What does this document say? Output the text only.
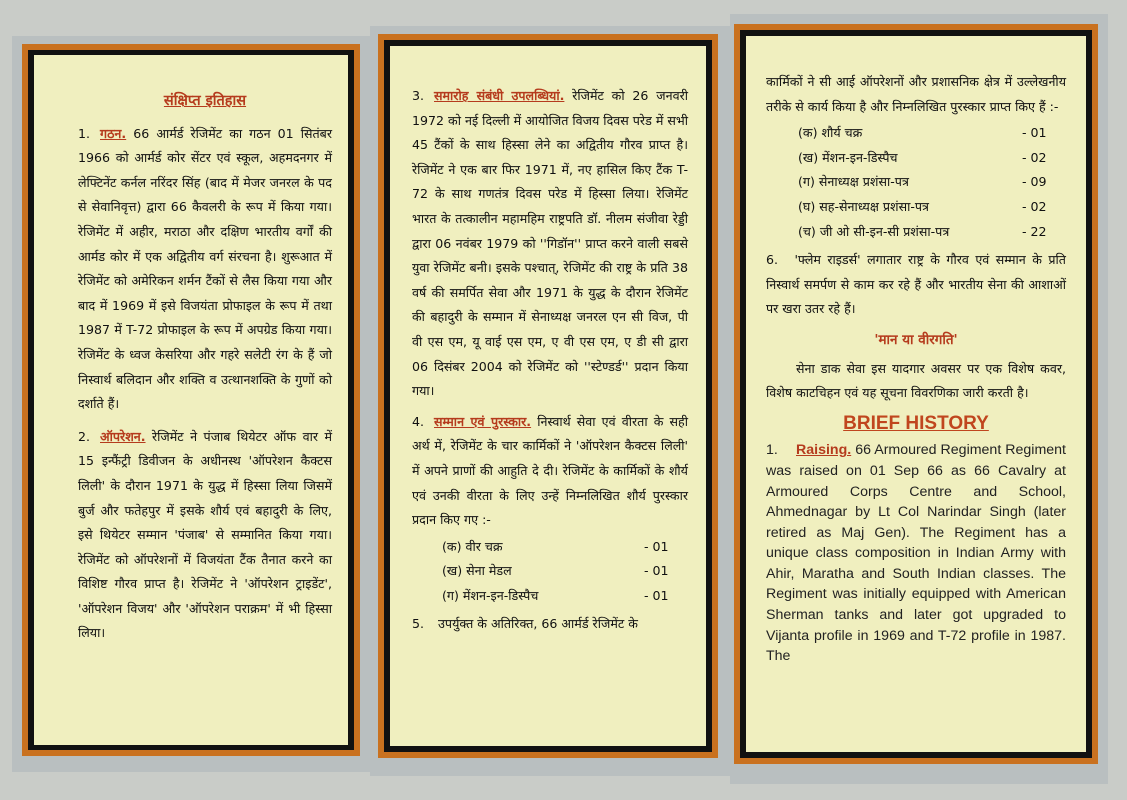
संक्षिप्त इतिहास

1. गठन. 66 आर्मर्ड रेजिमेंट का गठन 01 सितंबर 1966 को आर्मर्ड कोर सेंटर एवं स्कूल, अहमदनगर में लेफ्टिनेंट कर्नल नरिंदर सिंह (बाद में मेजर जनरल के पद से सेवानिवृत्त) द्वारा 66 कैवलरी के रूप में किया गया। रेजिमेंट में अहीर, मराठा और दक्षिण भारतीय वर्गों की आर्मड कोर में एक अद्वितीय वर्ग संरचना है। शुरूआत में रेजिमेंट को अमेरिकन शर्मन टैंकों से लैस किया गया और बाद में 1969 में इसे विजयंता प्रोफाइल के रूप में तथा 1987 में T-72 प्रोफाइल के रूप में अपग्रेड किया गया। रेजिमेंट के ध्वज केसरिया और गहरे सलेटी रंग के हैं जो निस्वार्थ बलिदान और शक्ति व उत्थानशक्ति के गुणों को दर्शाते हैं।

2. ऑपरेशन. रेजिमेंट ने पंजाब थियेटर ऑफ वार में 15 इन्फैंट्री डिवीजन के अधीनस्थ 'ऑपरेशन कैक्टस लिली' के दौरान 1971 के युद्ध में हिस्सा लिया जिसमें बुर्ज और फतेहपुर में इसके शौर्य एवं बहादुरी के लिए, इसे थियेटर सम्मान 'पंजाब' से सम्मानित किया गया। रेजिमेंट को ऑपरेशनों में विजयंता टैंक तैनात करने का विशिष्ट गौरव प्राप्त है। रेजिमेंट ने 'ऑपरेशन ट्राइडेंट', 'ऑपरेशन विजय' और 'ऑपरेशन पराक्रम' में भी हिस्सा लिया।

3. समारोह संबंधी उपलब्धियां. रेजिमेंट को 26 जनवरी 1972 को नई दिल्ली में आयोजित विजय दिवस परेड में सभी 45 टैंकों के साथ हिस्सा लेने का अद्वितीय गौरव प्राप्त है। रेजिमेंट ने एक बार फिर 1971 में, नए हासिल किए टैंक T-72 के साथ गणतंत्र दिवस परेड में हिस्सा लिया। रेजिमेंट भारत के तत्कालीन महामहिम राष्ट्रपति डॉ. नीलम संजीवा रेड्डी द्वारा 06 नवंबर 1979 को ''गिडॉन'' प्राप्त करने वाली सबसे युवा रेजिमेंट बनी। इसके पश्चात्, रेजिमेंट की राष्ट्र के प्रति 38 वर्ष की समर्पित सेवा और 1971 के युद्ध के दौरान रेजिमेंट की बहादुरी के सम्मान में सेनाध्यक्ष जनरल एन सी विज, पी वी एस एम, यू वाई एस एम, ए वी एस एम, ए डी सी द्वारा 06 दिसंबर 2004 को रेजिमेंट को ''स्टेण्डर्ड'' प्रदान किया गया।

4. सम्मान एवं पुरस्कार. निस्वार्थ सेवा एवं वीरता के सही अर्थ में, रेजिमेंट के चार कार्मिकों ने 'ऑपरेशन कैक्टस लिली' में अपने प्राणों की आहुति दे दी। रेजिमेंट के कार्मिकों के शौर्य एवं उनकी वीरता के लिए उन्हें निम्नलिखित शौर्य पुरस्कार प्रदान किए गए :-

(क) वीर चक्र	- 01
(ख) सेना मेडल	- 01
(ग) मेंशन-इन-डिस्पैच	- 01

5. उपर्युक्त के अतिरिक्त, 66 आर्मर्ड रेजिमेंट के

कार्मिकों ने सी आई ऑपरेशनों और प्रशासनिक क्षेत्र में उल्लेखनीय तरीके से कार्य किया है और निम्नलिखित पुरस्कार प्राप्त किए हैं :-

(क) शौर्य चक्र	- 01
(ख) मेंशन-इन-डिस्पैच	- 02
(ग) सेनाध्यक्ष प्रशंसा-पत्र	- 09
(घ) सह-सेनाध्यक्ष प्रशंसा-पत्र	- 02
(च) जी ओ सी-इन-सी प्रशंसा-पत्र	- 22

6. 'फ्लेम राइडर्स' लगातार राष्ट्र के गौरव एवं सम्मान के प्रति निस्वार्थ समर्पण से काम कर रहे हैं और भारतीय सेना की आशाओं पर खरा उतर रहे हैं।

'मान या वीरगति'

सेना डाक सेवा इस यादगार अवसर पर एक विशेष कवर, विशेष काटचिहन एवं यह सूचना विवरणिका जारी करती है।

BRIEF HISTORY

1. Raising. 66 Armoured Regiment Regiment was raised on 01 Sep 66 as 66 Cavalry at Armoured Corps Centre and School, Ahmednagar by Lt Col Narindar Singh (later retired as Maj Gen). The Regiment has a unique class composition in Indian Army with Ahir, Maratha and South Indian classes. The Regiment was initially equipped with American Sherman tanks and later got upgraded to Vijanta profile in 1969 and T-72 profile in 1987. The
